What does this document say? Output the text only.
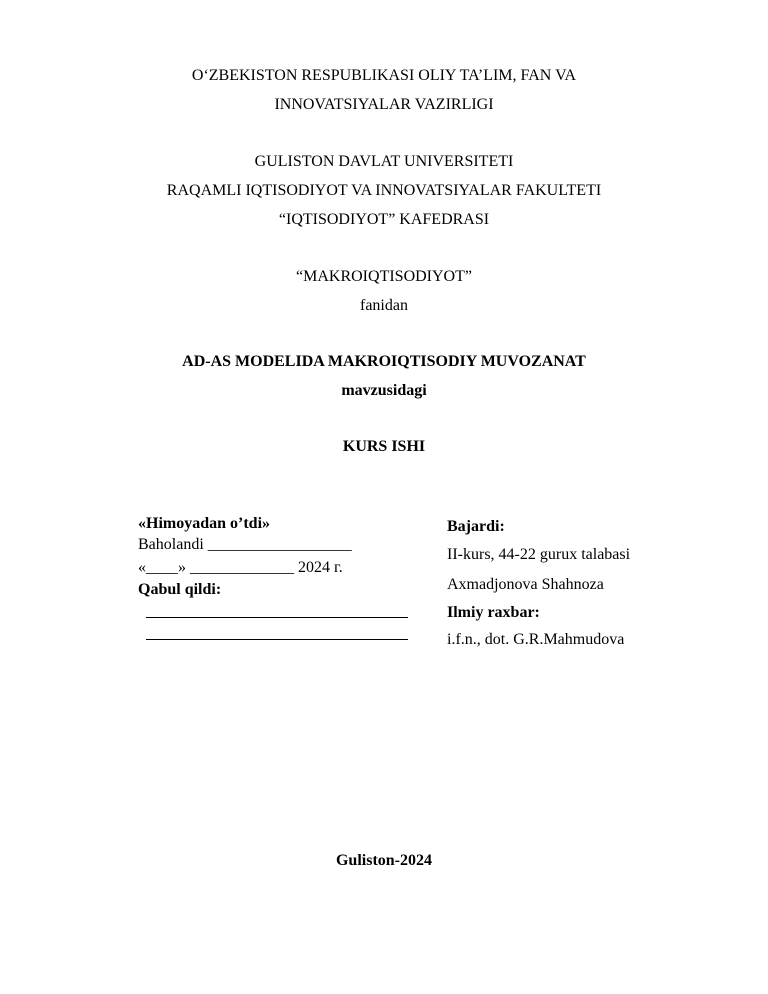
O‘ZBEKISTON RESPUBLIKASI OLIY TA’LIM, FAN VA
INNOVATSIYALAR VAZIRLIGI
GULISTON DAVLAT UNIVERSITETI
RAQAMLI IQTISODIYOT VA INNOVATSIYALAR FAKULTETI
“IQTISODIYOT” KAFEDRASI
“MAKROIQTISODIYOT”
fanidan
AD-AS MODELIDA MAKROIQTISODIY MUVOZANAT
mavzusidagi
KURS ISHI
«Himoyadan o’tdi»
Baholandi __________________
«____» _____________ 2024 г.
Qabul qildi:
Bajardi:
II-kurs, 44-22 gurux talabasi
Axmadjonova Shahnoza
Ilmiy raxbar:
i.f.n., dot. G.R.Mahmudova
Guliston-2024
